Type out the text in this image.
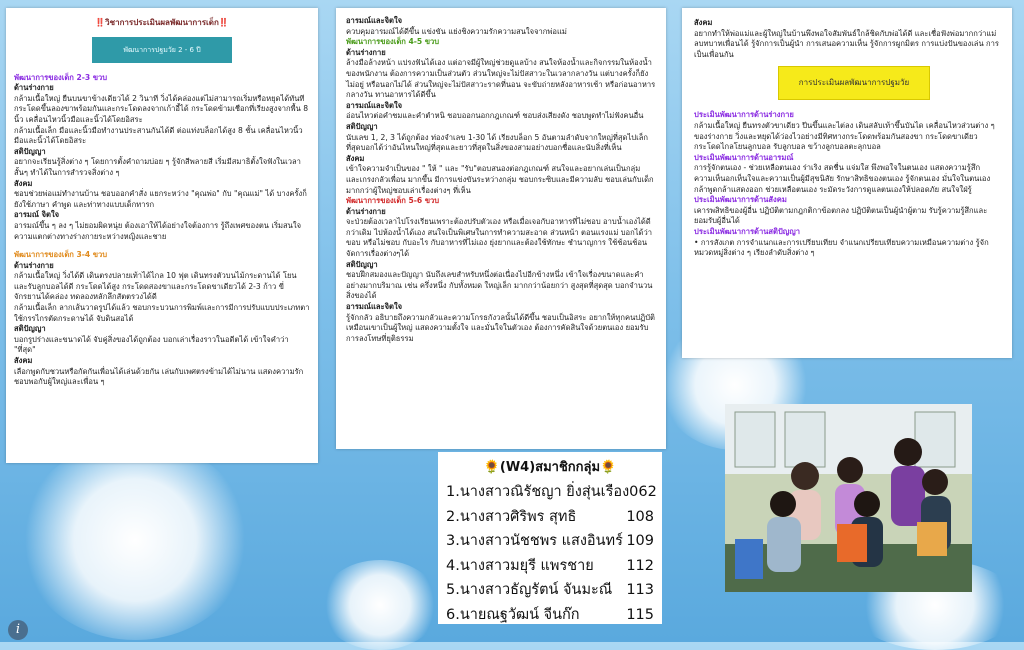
‼️วิชาการประเมินผลพัฒนาการเด็ก‼️

พัฒนาการปฐมวัย 2 - 6 ปี

พัฒนาการของเด็ก 2-3 ขวบ

ด้านร่างกาย

กล้ามเนื้อใหญ่ ยืนบนขาข้างเดียวได้ 2 วินาที วิ่งได้คล่องแต่ไม่สามารถเริ่มหรือหยุดได้ทันที กระโดดขึ้นลองขาพร้อมกันและกระโดดลงจากเก้าอี้ได้ กระโดดข้ามเชือกที่เรียงสูงจากพื้น 8 นิ้ว เคลื่อนไหวนิ้วมือและนิ้วได้โดยอิสระ

กล้ามเนื้อเล็ก มือและนิ้วมือทำงานประสานกันได้ดี ต่อแท่งบล็อกได้สูง 8 ชั้น เคลื่อนไหวนิ้วมือและนิ้วได้โดยอิสระ

สติปัญญา

อยากจะเรียนรู้สิ่งต่าง ๆ โดยการตั้งคำถามบ่อย ๆ รู้จักสีพลายสี เริ่มมีสมาธิตั้งใจฟังในเวลาสั้นๆ ทำได้ในการสำรวจสิ่งต่าง ๆ

สังคม

ชอบช่วยพ่อแม่ทำงานบ้าน ชอบออกคำสั่ง แยกระหว่าง "คุณพ่อ" กับ "คุณแม่" ได้ บางครั้งก็ยังใช้ภาษา คำพูด และท่าทางแบบเด็กทารก

อารมณ์ จิตใจ

อารมณ์ขึ้น ๆ ลง ๆ ไม่ยอมผิดหนุ่ย ต้องเอาให้ได้อย่างใจต้องการ รู้ถึงเพศของตน เริ่มสนใจความแตกต่างทางร่างกายระหว่างหญิงและชาย

พัฒนาการของเด็ก 3-4 ขวบ

ด้านร่างกาย

กล้ามเนื้อใหญ่ วิ่งได้ดี เดินตรงปลายเท้าได้ไกล 10 ฟุต เดินทรงตัวบนไม้กระดานได้ โยนและรับลูกบอลได้ดี กระโดดได้สูง กระโดดสองขาและกระโดดขาเดียวได้ 2-3 ก้าว ขี่จักรยานได้คล่อง ทดลองหลักลึกสัตตรวงได้ดี

กล้ามเนื้อเล็ก ลากเส้นวาดรูปได้แล้ว ชอบกระบวนการพิมพ์และการมีการปรับแบบประเภทตา ใช้กรรไกรตัดกระดาษได้ จับดินสอได้

สติปัญญา

บอกรูปร่างและขนาดได้ จับคู่สิ่งของได้ถูกต้อง บอกเล่าเรื่องราวในอดีตได้ เข้าใจคำว่า "ที่สุด"

สังคม

เลือกพูดกับชวนหรือกัดกันเพื่อนได้เล่นด้วยกัน เล่นกับเพศตรงข้ามได้ไม่นาน แสดงความรักชอบพอกับผู้ใหญ่และเพื่อน ๆ

อารมณ์และจิตใจ

ควบคุมอารมณ์ได้ดีขึ้น แข่งขัน แย่งชิงความรักความสนใจจากพ่อแม่

พัฒนาการของเด็ก 4-5 ขวบ

ด้านร่างกาย

ล้างมือล้างหน้า แปรงฟันได้เอง แต่อาจมีผู้ใหญ่ช่วยดูแลบ้าง สนใจห้องน้ำและกิจกรรมในห้องน้ำของพนักงาน ต้องการความเป็นส่วนตัว ส่วนใหญ่จะไม่ปัสสาวะในเวลากลางวัน แต่บางครั้งก็ยังไม่อยู่ หรือนอกไม่ได้ ส่วนใหญ่จะไม่ปัสสาวะราดที่นอน จะขับถ่ายหลังอาหารเช้า หรือก่อนอาหารกลางวัน ทานอาหารได้ดีขึ้น

อารมณ์และจิตใจ

อ่อนไหวต่อคำชมและคำตำหนิ ชอบออกนอกกฎเกณฑ์ ชอบส่งเสียงดัง ชอบพูดทำไม่ฟังคนอื่น

สติปัญญา

นับเลข 1, 2, 3 ได้ถูกต้อง ท่องจำเลข 1-30 ได้ เรียงบล็อก 5 อันตามลำดับจากใหญ่ที่สุดไปเล็กที่สุดบอกได้ว่าอันไหนใหญ่ที่สุดและยาวที่สุดในสิ่งของสามอย่างบอกชื่อและนับสิ่งที่เห็น

สังคม

เข้าใจความจำเป็นของ " ให้ " และ "รับ"ตอบสนองต่อกฎเกณฑ์ สนใจและอยากเล่นเป็นกลุ่ม และเกรงกลัวเพื่อน มากขึ้น มีการแข่งขันระหว่างกลุ่ม ชอบกระซิบและมีความลับ ชอบเล่นกับเด็กมากกว่าผู้ใหญ่ชอบเล่าเรื่องต่างๆ ที่เห็น

พัฒนาการของเด็ก 5-6 ขวบ

ด้านร่างกาย

จะป่วยต้องเวลาไปโรงเรียนเพราะต้องปรับตัวเอง หรือเมื่อเจอกับอาหารที่ไม่ชอบ อาบน้ำเองได้ดีกว่าเดิม ไปห้องน้ำได้เอง สนใจเป็นพิเศษในการทำความสะอาด ส่วนหน้า ตอนแรงแม่ บอกได้ว่า ขอบ หรือไม่ชอบ กับอะไร กับอาหารที่ไม่เอง ยุ่งยากและต้องใช้ทักษะ ชำนาญการ ใช้ช้อนช้อน จัดการเรื่องต่างๆได้

สติปัญญา

ชอบฝึกสมองและปัญญา นับถึงเลขสำหรับหนึ่งต่อเนื่องไปอีกข้างหนึ่ง เข้าใจเรื่องขนาดและคำอย่างมากบริมาณ เช่น ครึ่งหนึ่ง กับทั้งหมด ใหญ่เล็ก มากกว่าน้อยกว่า สูงสุดที่สุดสุด บอกจำนวนสิ่งของได้

อารมณ์และจิตใจ

รู้จักกลัว อธิบายถึงความกลัวและความโกรธกังวลนั้นได้ดีขึ้น ชอบเป็นอิสระ อยากให้ทุกคนปฏิบัติเหมือนเขาเป็นผู้ใหญ่ แสดงความตั้งใจ และมั่นใจในตัวเอง ต้องการคัดสินใจด้วยตนเอง ยอมรับการลงโทษที่ยุติธรรม

สังคม

อยากทำให้พ่อแม่และผู้ใหญ่ในบ้านพึงพอใจสัมพันธ์ใกล้ชิดกับพ่อได้ดี และเชื่อฟังพ่อมากกว่าแม่ลบทบาทเพื่อนได้ รู้จักการเป็นผู้นำ การเสนอความเห็น รู้จักการผูกมิตร การแบ่งปันของเล่น การเป็นเพื่อนกัน

การประเมินผลพัฒนาการปฐมวัย

ประเมินพัฒนาการด้านร่างกาย

กล้ามเนื้อใหญ่ ยืนทรงตัวขาเดียว ปีนขึ้นและไต่ลง เดินสลับเท้าขึ้นบันได เคลื่อนไหวส่วนต่าง ๆ ของร่างกาย วิ่งและหยุดได้ว่องไวอย่างมีทิศทางกระโดดพร้อมกันสองขา กระโดดขาเดียว กระโดดไกลโยนลูกบอล รับลูกบอล ขว้างลูกบอลตะลุกบอล

ประเมินพัฒนาการด้านอารมณ์

การรู้จักตนเอง - ช่วยเหลือตนเอง ร่าเริง สดชื่น แจ่มใส พึงพอใจในตนเอง แสดงความรู้สึก ความเห็นอกเห็นใจและความเป็นผู้มีสุขนิสัย รักษาสิทธิของตนเอง รู้จักตนเอง มั่นใจในตนเอง กล้าพูดกล้าแสดงออก ช่วยเหลือตนเอง ระมัดระวังการดูแลตนเองให้ปลอดภัย สนใจใฝ่รู้

ประเมินพัฒนาการด้านสังคม

เคารพสิทธิของผู้อื่น ปฏิบัติตามกฎกติกาข้อตกลง ปฏิบัติตนเป็นผู้นำผู้ตาม รับรู้ความรู้สึกและยอมรับผู้อื่นได้

ประเมินพัฒนาการด้านสติปัญญา

• การสังเกต การจำแนกและการเปรียบเทียบ จำแนกเปรียบเทียบความเหมือนความต่าง รู้จักหมวดหมู่สิ่งต่าง ๆ เรียงลำดับสิ่งต่าง ๆ

🌻(W4)สมาชิกกลุ่ม🌻

1.นางสาวณิรัชญา ยิ่งสุ่นเรือง 062
2.นางสาวศิริพร สุทธิ	108
3.นางสาวนัชชพร แสงอินทร์ 109
4.นางสาวมยุรี แพรชาย 112
5.นางสาวธัญรัตน์ จันมะณี 113
6.นายณฐวัฒน์ จีนก๊ก	115
i
